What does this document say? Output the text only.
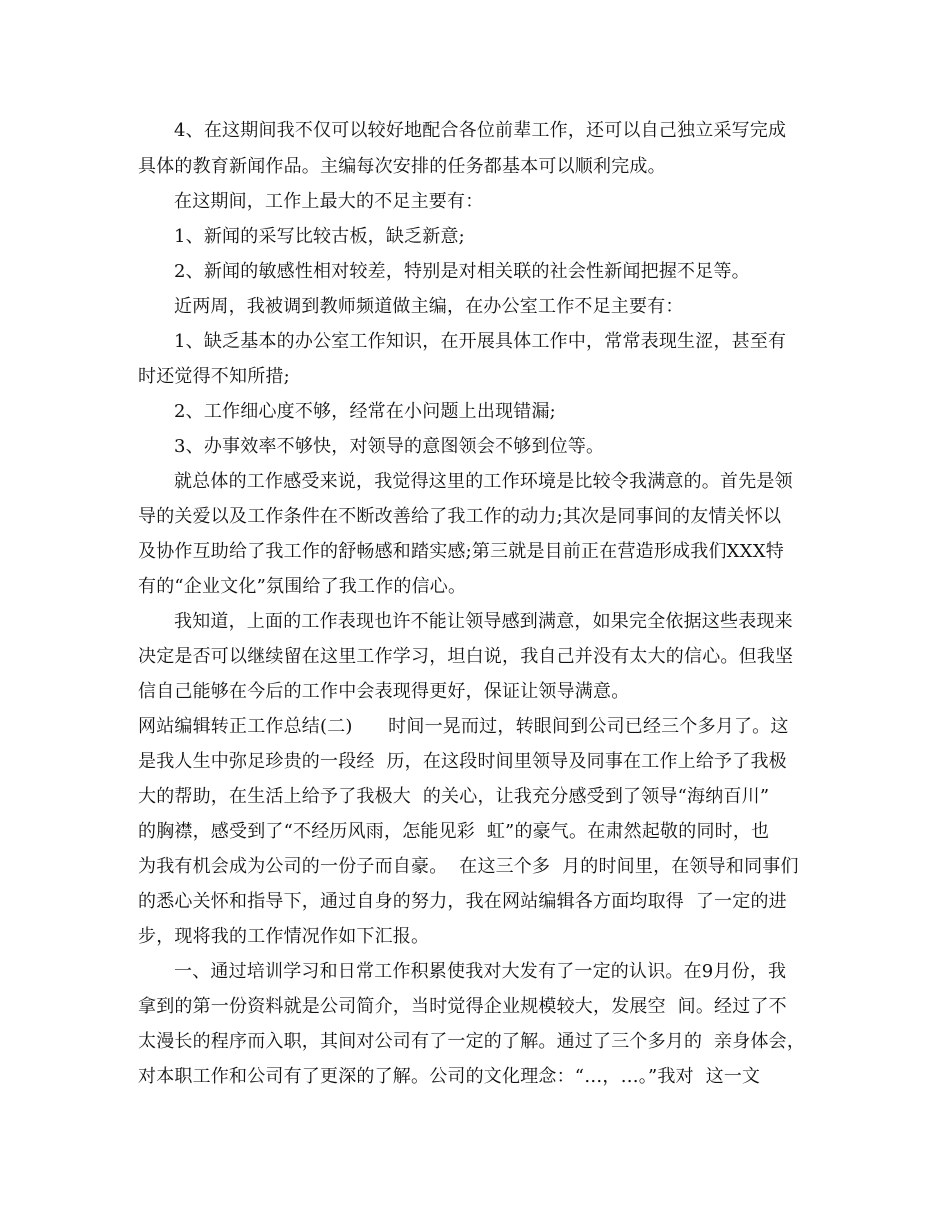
4、在这期间我不仅可以较好地配合各位前辈工作，还可以自己独立采写完成
具体的教育新闻作品。主编每次安排的任务都基本可以顺利完成。
在这期间，工作上最大的不足主要有：
1、新闻的采写比较古板，缺乏新意;
2、新闻的敏感性相对较差，特别是对相关联的社会性新闻把握不足等。
近两周，我被调到教师频道做主编，在办公室工作不足主要有：
1、缺乏基本的办公室工作知识，在开展具体工作中，常常表现生涩，甚至有
时还觉得不知所措;
2、工作细心度不够，经常在小问题上出现错漏;
3、办事效率不够快，对领导的意图领会不够到位等。
就总体的工作感受来说，我觉得这里的工作环境是比较令我满意的。首先是领
导的关爱以及工作条件在不断改善给了我工作的动力;其次是同事间的友情关怀以
及协作互助给了我工作的舒畅感和踏实感;第三就是目前正在营造形成我们XXX特
有的“企业文化”氛围给了我工作的信心。
我知道，上面的工作表现也许不能让领导感到满意，如果完全依据这些表现来
决定是否可以继续留在这里工作学习，坦白说，我自己并没有太大的信心。但我坚
信自己能够在今后的工作中会表现得更好，保证让领导满意。
网站编辑转正工作总结(二)      时间一晃而过，转眼间到公司已经三个多月了。这
是我人生中弥足珍贵的一段经  历，在这段时间里领导及同事在工作上给予了我极
大的帮助，在生活上给予了我极大  的关心，让我充分感受到了领导“海纳百川”
的胸襟，感受到了“不经历风雨，怎能见彩  虹”的豪气。在肃然起敬的同时，也
为我有机会成为公司的一份子而自豪。  在这三个多  月的时间里，在领导和同事们
的悉心关怀和指导下，通过自身的努力，我在网站编辑各方面均取得  了一定的进
步，现将我的工作情况作如下汇报。
一、通过培训学习和日常工作积累使我对大发有了一定的认识。在9月份，我
拿到的第一份资料就是公司简介，当时觉得企业规模较大，发展空  间。经过了不
太漫长的程序而入职，其间对公司有了一定的了解。通过了三个多月的  亲身体会，
对本职工作和公司有了更深的了解。公司的文化理念：“…，…。”我对  这一文
